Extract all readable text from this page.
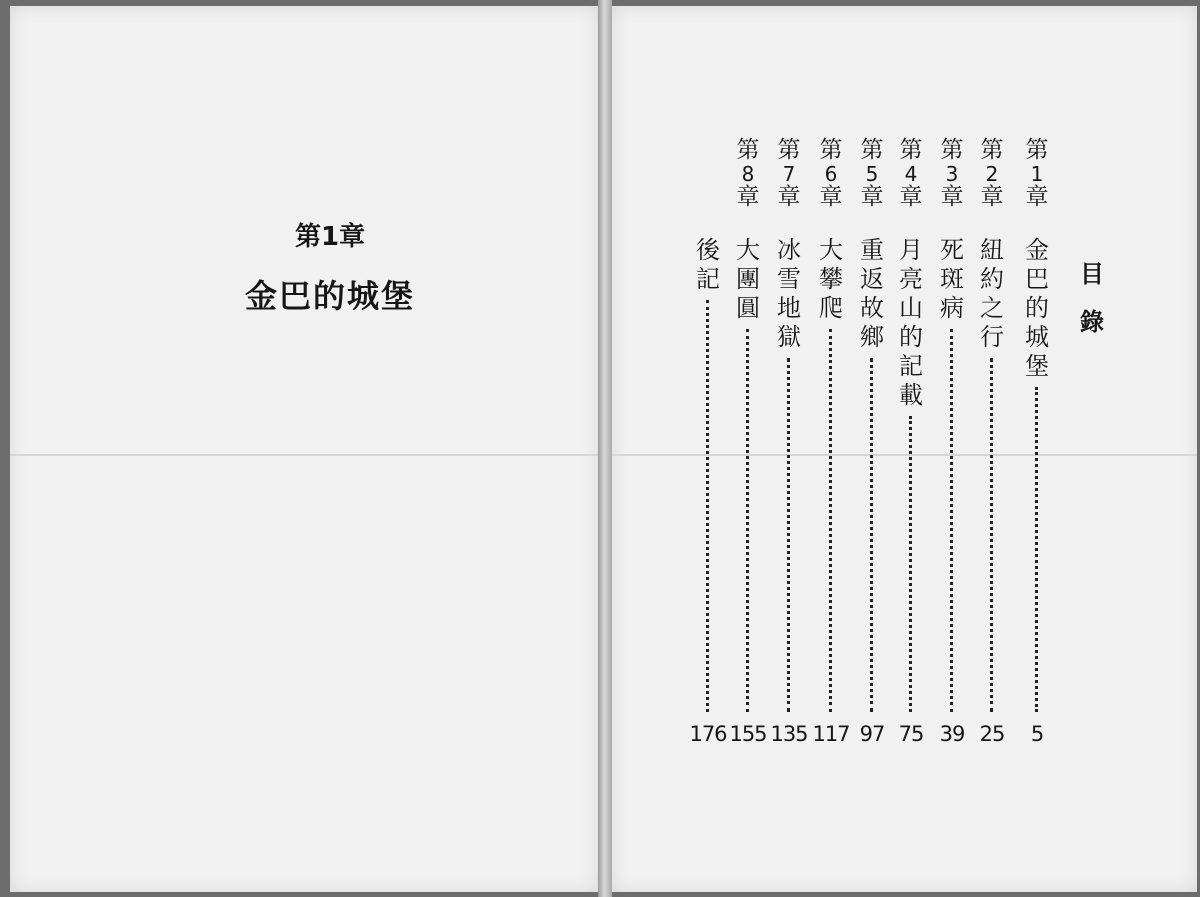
第1章
金巴的城堡
目
錄
第
1
章
金巴的城堡
5
第
2
章
紐約之行
25
第
3
章
死斑病
39
第
4
章
月亮山的記載
75
第
5
章
重返故鄉
97
第
6
章
大攀爬
117
第
7
章
冰雪地獄
135
第
8
章
大團圓
155
後記
176
